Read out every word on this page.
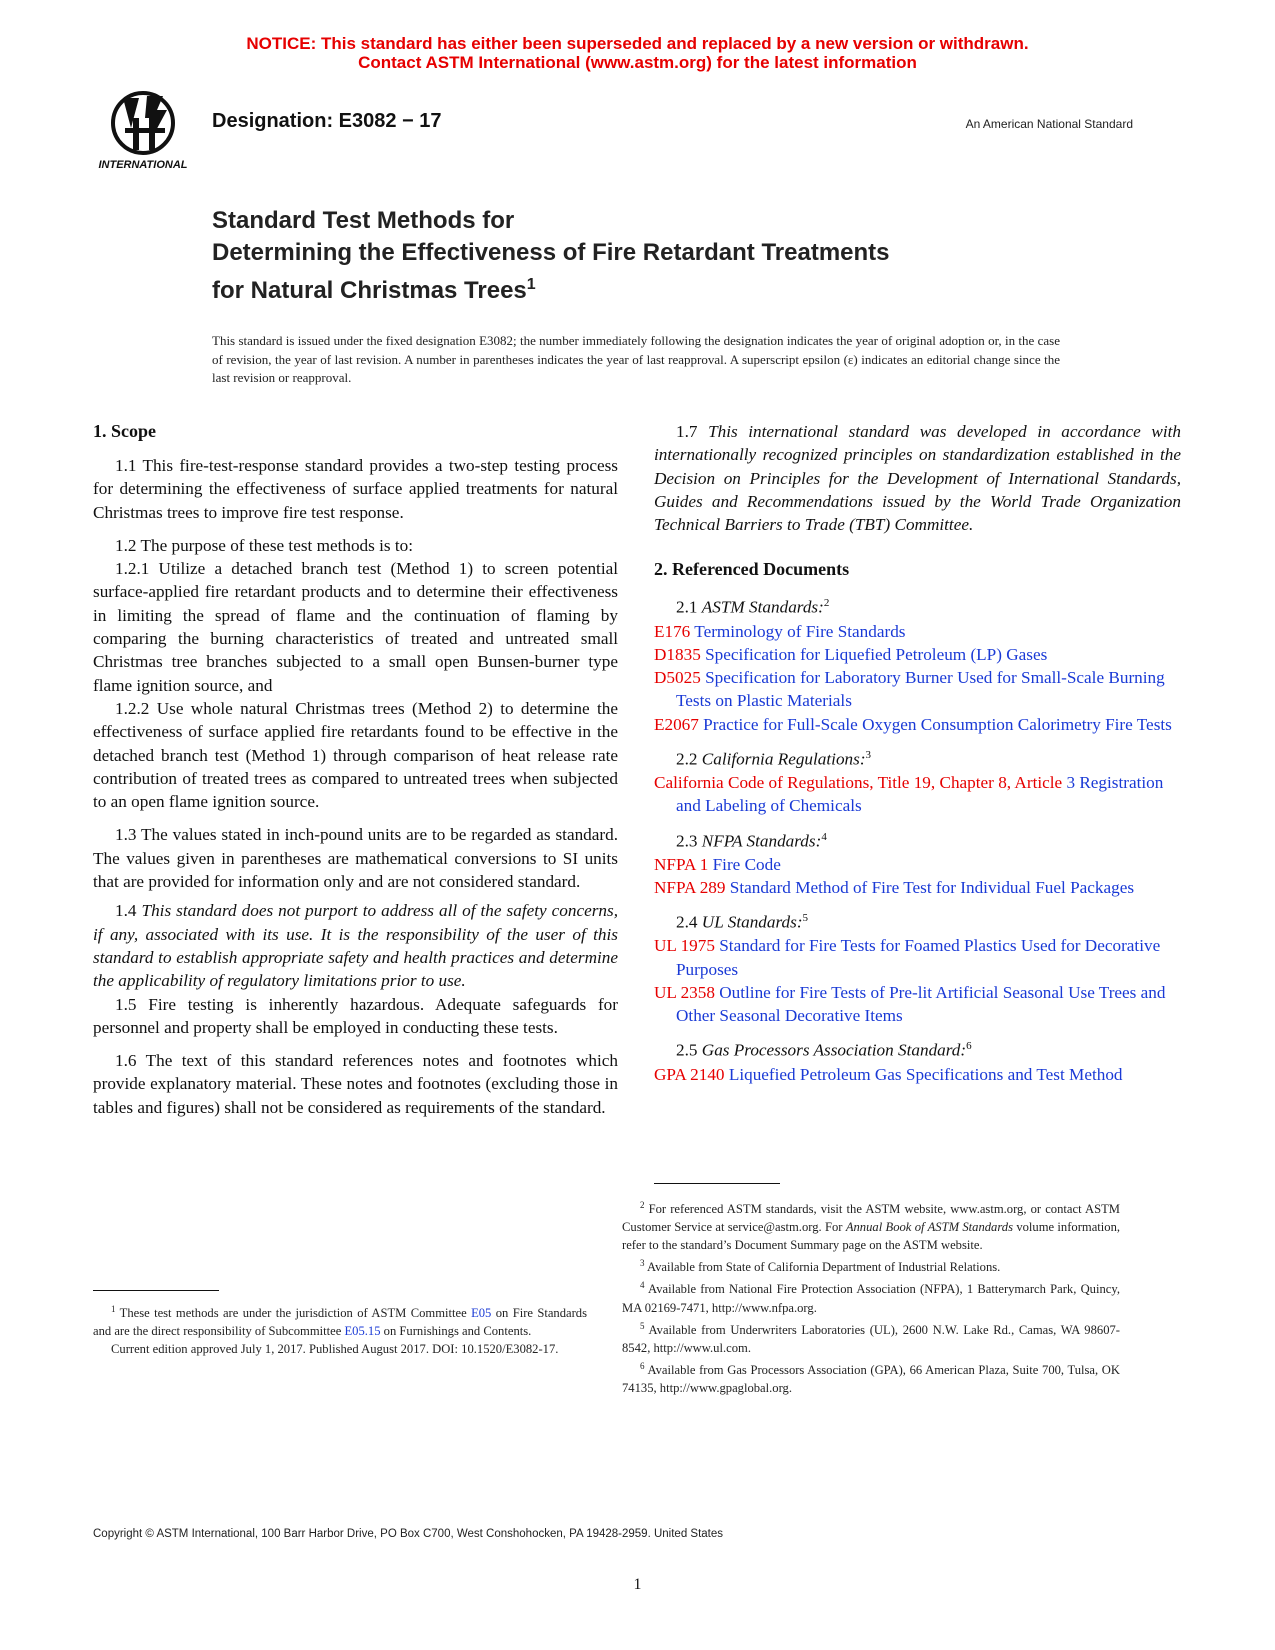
NOTICE: This standard has either been superseded and replaced by a new version or withdrawn.
Contact ASTM International (www.astm.org) for the latest information
INTERNATIONAL
Designation: E3082 − 17	An American National Standard
Standard Test Methods for
Determining the Effectiveness of Fire Retardant Treatments
for Natural Christmas Trees$^1$
This standard is issued under the fixed designation E3082; the number immediately following the designation indicates the year of original adoption or, in the case of revision, the year of last revision. A number in parentheses indicates the year of last reapproval. A superscript epsilon (ε) indicates an editorial change since the last revision or reapproval.
1. Scope

1.1 This fire-test-response standard provides a two-step testing process for determining the effectiveness of surface applied treatments for natural Christmas trees to improve fire test response.

1.2 The purpose of these test methods is to:

1.2.1 Utilize a detached branch test (Method 1) to screen potential surface-applied fire retardant products and to determine their effectiveness in limiting the spread of flame and the continuation of flaming by comparing the burning characteristics of treated and untreated small Christmas tree branches subjected to a small open Bunsen-burner type flame ignition source, and

1.2.2 Use whole natural Christmas trees (Method 2) to determine the effectiveness of surface applied fire retardants found to be effective in the detached branch test (Method 1) through comparison of heat release rate contribution of treated trees as compared to untreated trees when subjected to an open flame ignition source.

1.3 The values stated in inch-pound units are to be regarded as standard. The values given in parentheses are mathematical conversions to SI units that are provided for information only and are not considered standard.

1.4 This standard does not purport to address all of the safety concerns, if any, associated with its use. It is the responsibility of the user of this standard to establish appropriate safety and health practices and determine the applicability of regulatory limitations prior to use.

1.5 Fire testing is inherently hazardous. Adequate safeguards for personnel and property shall be employed in conducting these tests.

1.6 The text of this standard references notes and footnotes which provide explanatory material. These notes and footnotes (excluding those in tables and figures) shall not be considered as requirements of the standard.

$^1$ These test methods are under the jurisdiction of ASTM Committee E05 on Fire Standards and are the direct responsibility of Subcommittee E05.15 on Furnishings and Contents.

Current edition approved July 1, 2017. Published August 2017. DOI: 10.1520/E3082-17.

1.7 This international standard was developed in accordance with internationally recognized principles on standardization established in the Decision on Principles for the Development of International Standards, Guides and Recommendations issued by the World Trade Organization Technical Barriers to Trade (TBT) Committee.

2. Referenced Documents

2.1 ASTM Standards:$^2$

E176 Terminology of Fire Standards

D1835 Specification for Liquefied Petroleum (LP) Gases

D5025 Specification for Laboratory Burner Used for Small-Scale Burning Tests on Plastic Materials

E2067 Practice for Full-Scale Oxygen Consumption Calorimetry Fire Tests

2.2 California Regulations:$^3$

California Code of Regulations, Title 19, Chapter 8, Article 3 Registration and Labeling of Chemicals

2.3 NFPA Standards:$^4$

NFPA 1 Fire Code

NFPA 289 Standard Method of Fire Test for Individual Fuel Packages

2.4 UL Standards:$^5$

UL 1975 Standard for Fire Tests for Foamed Plastics Used for Decorative Purposes

UL 2358 Outline for Fire Tests of Pre-lit Artificial Seasonal Use Trees and Other Seasonal Decorative Items

2.5 Gas Processors Association Standard:$^6$

GPA 2140 Liquefied Petroleum Gas Specifications and Test Method

$^2$ For referenced ASTM standards, visit the ASTM website, www.astm.org, or contact ASTM Customer Service at service@astm.org. For Annual Book of ASTM Standards volume information, refer to the standard’s Document Summary page on the ASTM website.

$^3$ Available from State of California Department of Industrial Relations.

$^4$ Available from National Fire Protection Association (NFPA), 1 Batterymarch Park, Quincy, MA 02169-7471, http://www.nfpa.org.

$^5$ Available from Underwriters Laboratories (UL), 2600 N.W. Lake Rd., Camas, WA 98607-8542, http://www.ul.com.

$^6$ Available from Gas Processors Association (GPA), 66 American Plaza, Suite 700, Tulsa, OK 74135, http://www.gpaglobal.org.

Copyright © ASTM International, 100 Barr Harbor Drive, PO Box C700, West Conshohocken, PA 19428-2959. United States
1
